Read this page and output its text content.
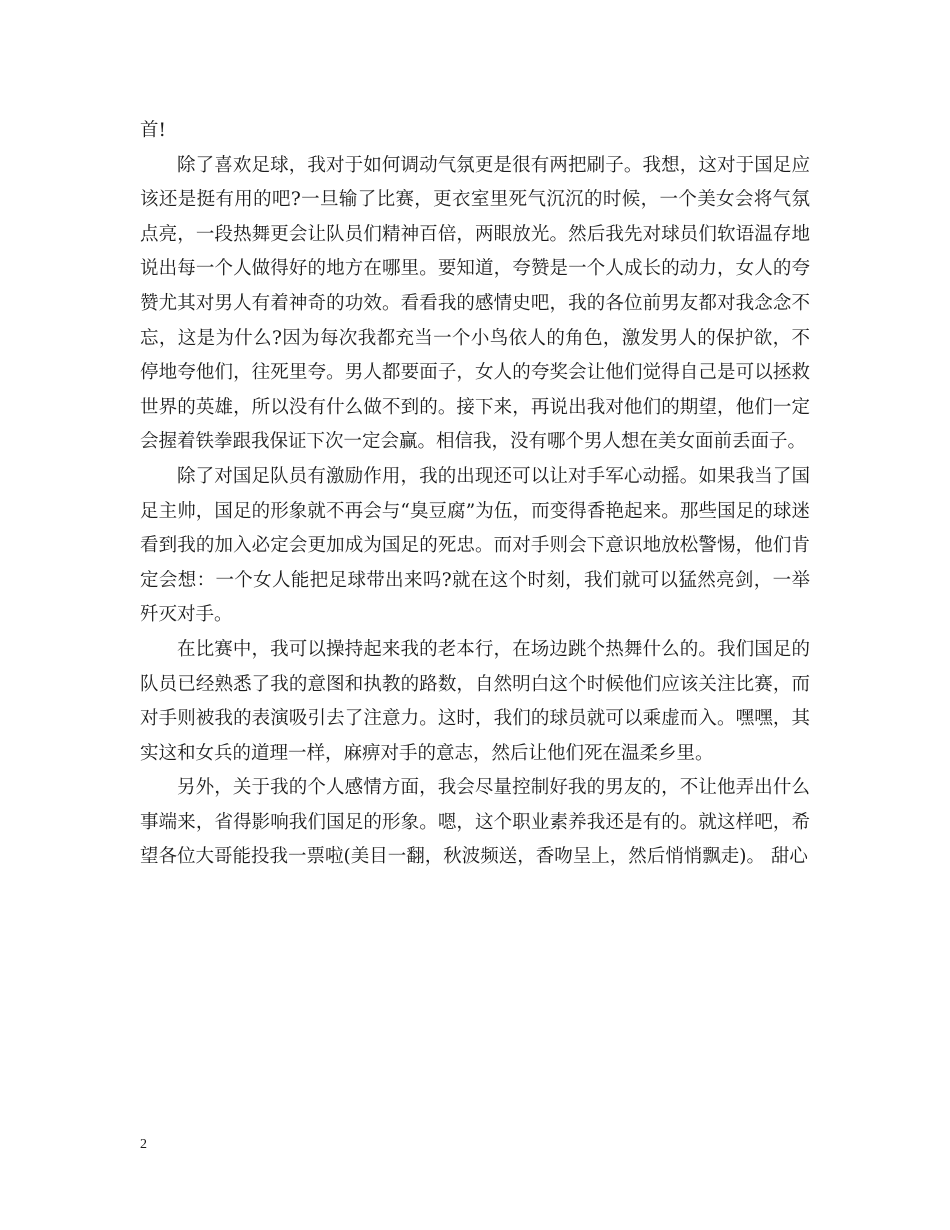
首!

除了喜欢足球，我对于如何调动气氛更是很有两把刷子。我想，这对于国足应该还是挺有用的吧?一旦输了比赛，更衣室里死气沉沉的时候，一个美女会将气氛点亮，一段热舞更会让队员们精神百倍，两眼放光。然后我先对球员们软语温存地说出每一个人做得好的地方在哪里。要知道，夸赞是一个人成长的动力，女人的夸赞尤其对男人有着神奇的功效。看看我的感情史吧，我的各位前男友都对我念念不忘，这是为什么?因为每次我都充当一个小鸟依人的角色，激发男人的保护欲，不停地夸他们，往死里夸。男人都要面子，女人的夸奖会让他们觉得自己是可以拯救世界的英雄，所以没有什么做不到的。接下来，再说出我对他们的期望，他们一定会握着铁拳跟我保证下次一定会赢。相信我，没有哪个男人想在美女面前丢面子。

除了对国足队员有激励作用，我的出现还可以让对手军心动摇。如果我当了国足主帅，国足的形象就不再会与“臭豆腐”为伍，而变得香艳起来。那些国足的球迷看到我的加入必定会更加成为国足的死忠。而对手则会下意识地放松警惕，他们肯定会想：一个女人能把足球带出来吗?就在这个时刻，我们就可以猛然亮剑，一举歼灭对手。

在比赛中，我可以操持起来我的老本行，在场边跳个热舞什么的。我们国足的队员已经熟悉了我的意图和执教的路数，自然明白这个时候他们应该关注比赛，而对手则被我的表演吸引去了注意力。这时，我们的球员就可以乘虚而入。嘿嘿，其实这和女兵的道理一样，麻痹对手的意志，然后让他们死在温柔乡里。

另外，关于我的个人感情方面，我会尽量控制好我的男友的，不让他弄出什么事端来，省得影响我们国足的形象。嗯，这个职业素养我还是有的。就这样吧，希望各位大哥能投我一票啦(美目一翻，秋波频送，香吻呈上，然后悄悄飘走)。 甜心

2
